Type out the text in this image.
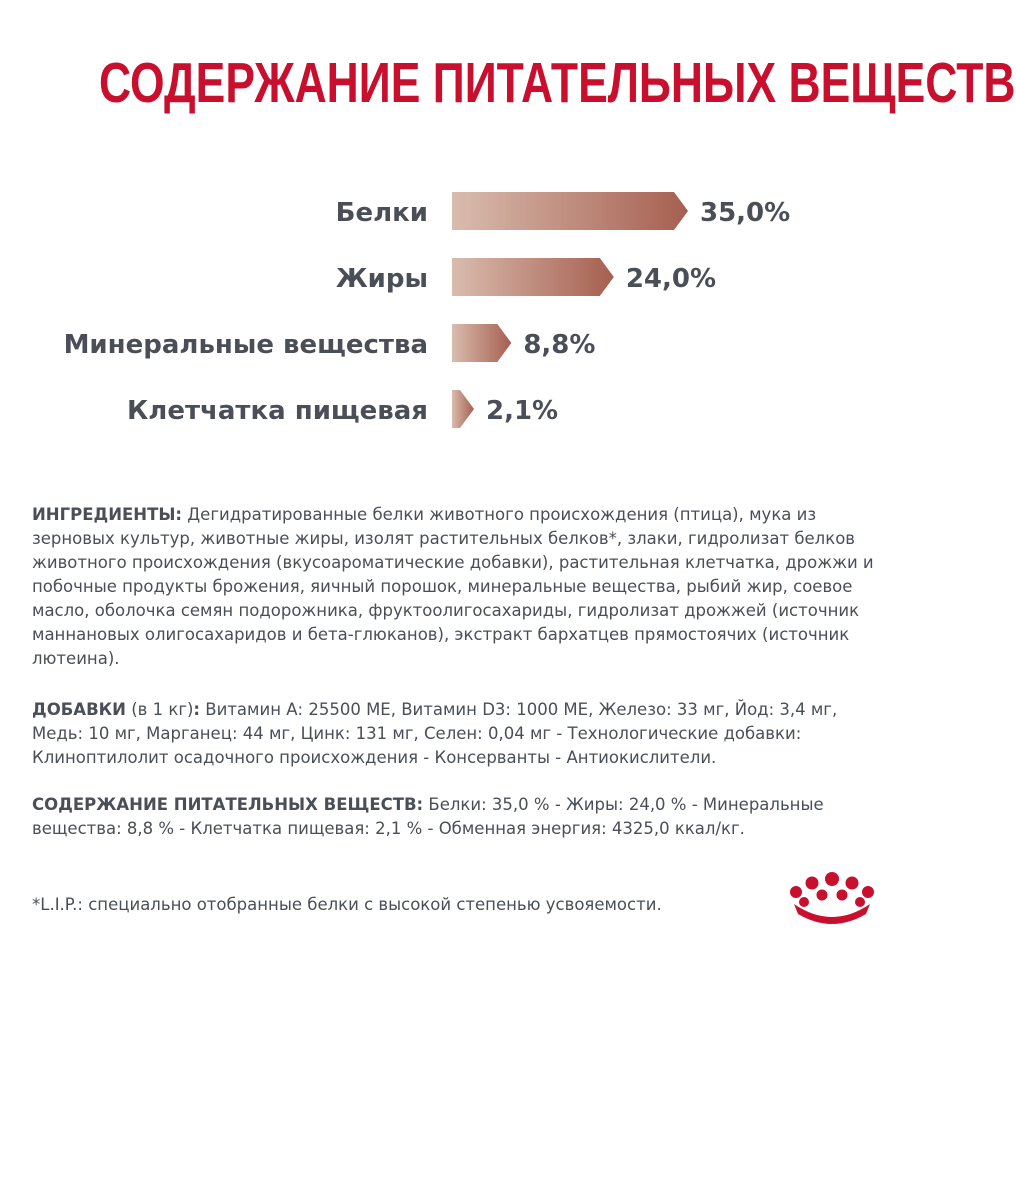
СОДЕРЖАНИЕ ПИТАТЕЛЬНЫХ ВЕЩЕСТВ
Белки	35,0%
Жиры	24,0%
Минеральные вещества	8,8%
Клетчатка пищевая 2,1%
ИНГРЕДИЕНТЫ: Дегидратированные белки животного происхождения (птица), мука из зерновых культур, животные жиры, изолят растительных белков*, злаки, гидролизат белков животного происхождения (вкусоароматические добавки), растительная клетчатка, дрожжи и побочные продукты брожения, яичный порошок, минеральные вещества, рыбий жир, соевое масло, оболочка семян подорожника, фруктоолигосахариды, гидролизат дрожжей (источник маннановых олигосахаридов и бета-глюканов), экстракт бархатцев прямостоячих (источник лютеина).
ДОБАВКИ (в 1 кг): Витамин А: 25500 МЕ, Витамин D3: 1000 МЕ, Железо: 33 мг, Йод: 3,4 мг, Медь: 10 мг, Марганец: 44 мг, Цинк: 131 мг, Селен: 0,04 мг - Технологические добавки: Клиноптилолит осадочного происхождения - Консерванты - Антиокислители.
СОДЕРЖАНИЕ ПИТАТЕЛЬНЫХ ВЕЩЕСТВ: Белки: 35,0 % - Жиры: 24,0 % - Минеральные вещества: 8,8 % - Клетчатка пищевая: 2,1 % - Обменная энергия: 4325,0 ккал/кг.
*L.I.P.: специально отобранные белки с высокой степенью усвояемости.
